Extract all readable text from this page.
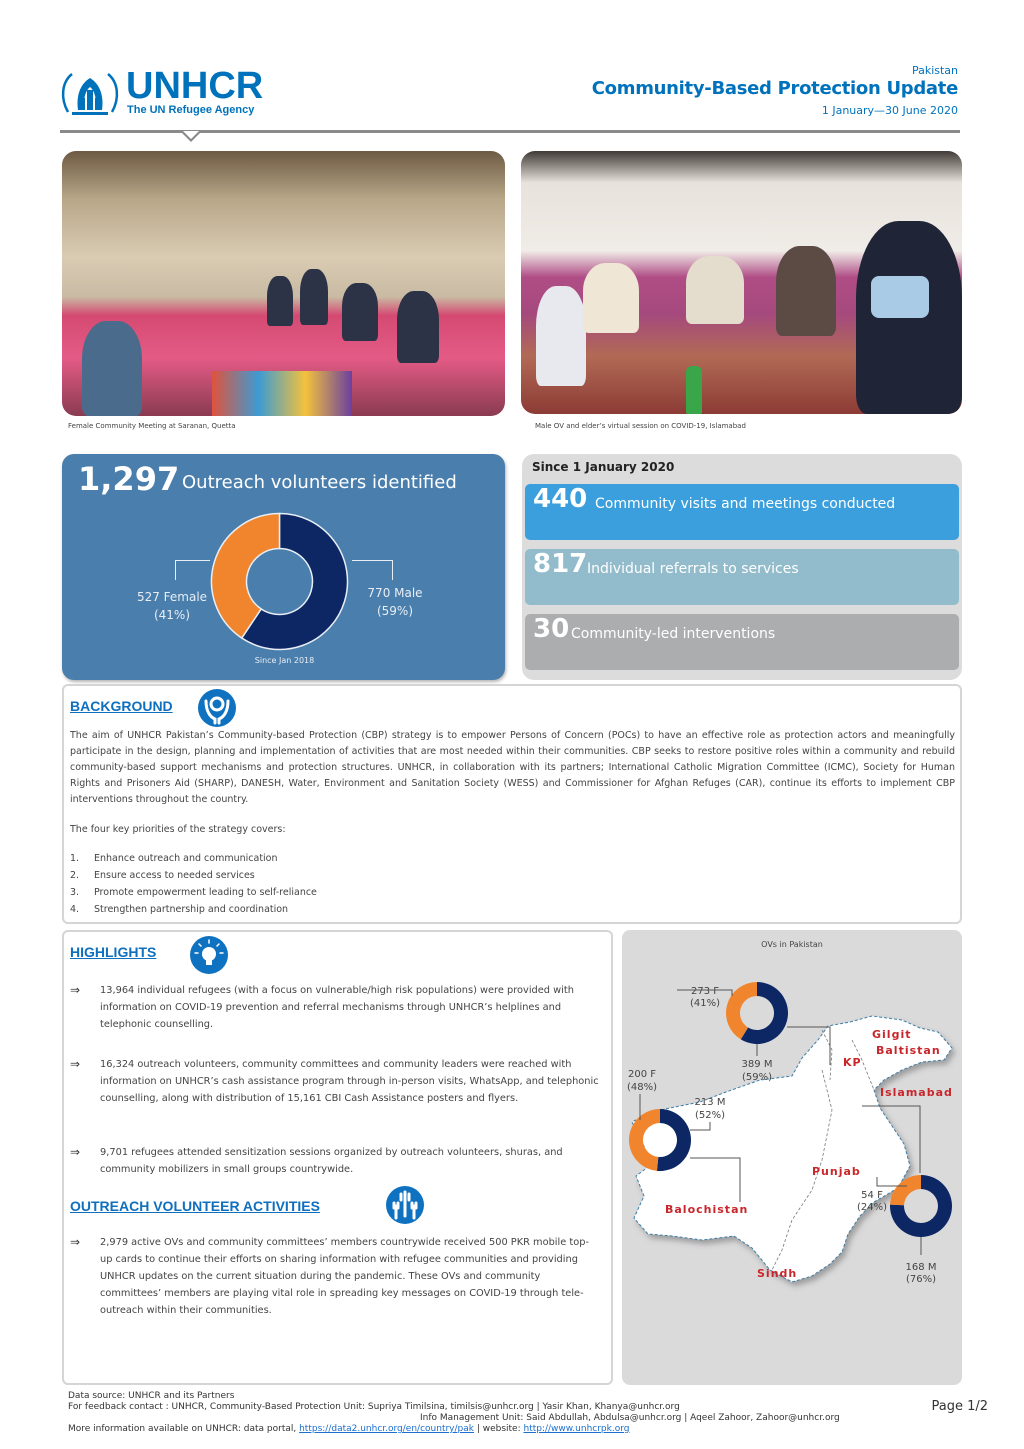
UNHCR
The UN Refugee Agency
Pakistan
Community-Based Protection Update
1 January—30 June 2020
Female Community Meeting at Saranan, Quetta	Male OV and elder’s virtual session on COVID-19, Islamabad
1,297 Outreach volunteers identified
527 Female
(41%)
770 Male
(59%)
Since Jan 2018
Since 1 January 2020
440 Community visits and meetings conducted
817 Individual referrals to services
30 Community-led interventions
BACKGROUND
The aim of UNHCR Pakistan’s Community-based Protection (CBP) strategy is to empower Persons of Concern (POCs) to have an effective role as protection actors and meaningfully participate in the design, planning and implementation of activities that are most needed within their communities. CBP seeks to restore positive roles within a community and rebuild community-based support mechanisms and protection structures. UNHCR, in collaboration with its partners; International Catholic Migration Committee (ICMC), Society for Human Rights and Prisoners Aid (SHARP), DANESH, Water, Environment and Sanitation Society (WESS) and Commissioner for Afghan Refuges (CAR), continue its efforts to implement CBP interventions throughout the country.
The four key priorities of the strategy covers:
1. Enhance outreach and communication
2. Ensure access to needed services
3. Promote empowerment leading to self-reliance
4. Strengthen partnership and coordination
HIGHLIGHTS
⇒	13,964 individual refugees (with a focus on vulnerable/high risk populations) were provided with information on COVID-19 prevention and referral mechanisms through UNHCR’s helplines and telephonic counselling.
⇒	16,324 outreach volunteers, community committees and community leaders were reached with information on UNHCR’s cash assistance program through in-person visits, WhatsApp, and telephonic counselling, along with distribution of 15,161 CBI Cash Assistance posters and flyers.
⇒	9,701 refugees attended sensitization sessions organized by outreach volunteers, shuras, and community mobilizers in small groups countrywide.
OUTREACH VOLUNTEER ACTIVITIES
⇒	2,979 active OVs and community committees’ members countrywide received 500 PKR mobile top-up cards to continue their efforts on sharing information with refugee communities and providing UNHCR updates on the current situation during the pandemic. These OVs and community committees’ members are playing vital role in spreading key messages on COVID-19 through tele-outreach within their communities.
273 F
(41%)
389 M
(59%)
200 F
(48%)
213 M
(52%)
54 F
(24%)
168 M
(76%)
Gilgit
Baltistan
KP
Islamabad
Punjab
Balochistan
Sindh
OVs in Pakistan
Data source: UNHCR and its Partners
For feedback contact : UNHCR, Community-Based Protection Unit: Supriya Timilsina, timilsis@unhcr.org | Yasir Khan, Khanya@unhcr.org
Info Management Unit: Said Abdullah, Abdulsa@unhcr.org | Aqeel Zahoor, Zahoor@unhcr.org
More information available on UNHCR: data portal, https://data2.unhcr.org/en/country/pak | website: http://www.unhcrpk.org
Page 1/2
